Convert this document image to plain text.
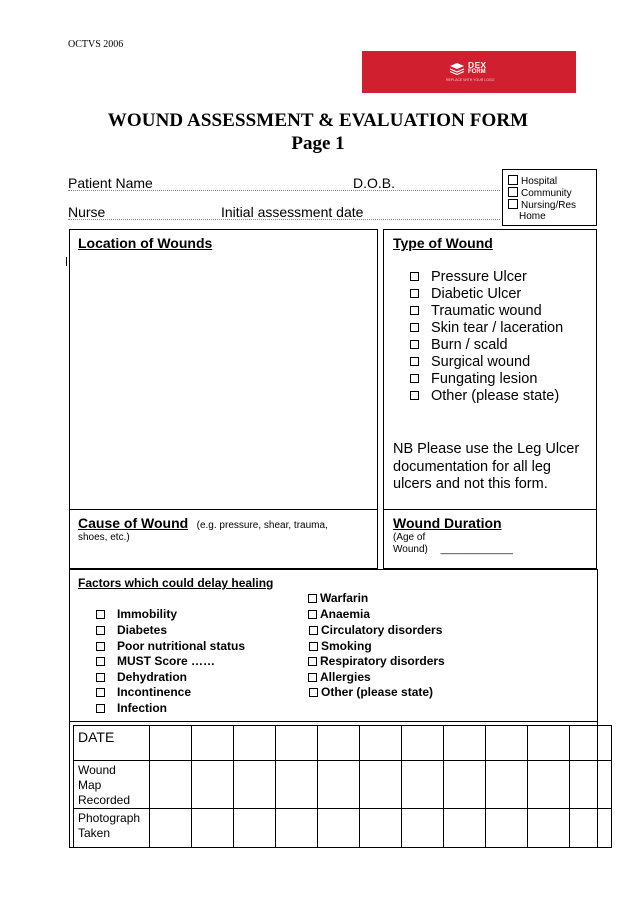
OCTVS 2006
DEX
FORM
REPLACE WITH YOUR LOGO
WOUND ASSESSMENT & EVALUATION FORM
Page 1
Patient Name	D.O.B.
Nurse	Initial assessment date
Hospital
Community
Nursing/Res
Home
Location of Wounds	Type of Wound
Pressure Ulcer
Diabetic Ulcer
Traumatic wound
Skin tear / laceration
Burn / scald
Surgical wound
Fungating lesion
Other (please state)
NB Please use the Leg Ulcer
documentation for all leg
ulcers and not this form.
Cause of Wound (e.g. pressure, shear, trauma,
shoes, etc.)
Wound Duration
(Age of
Wound) _____________
Factors which could delay healing
Immobility
Diabetes
Poor nutritional status
MUST Score ……
Dehydration
Incontinence
Infection
Warfarin
Anaemia
Circulatory disorders
Smoking
Respiratory disorders
Allergies
Other (please state)
DATE											

Wound
Map
Recorded											

Photograph
Taken											
